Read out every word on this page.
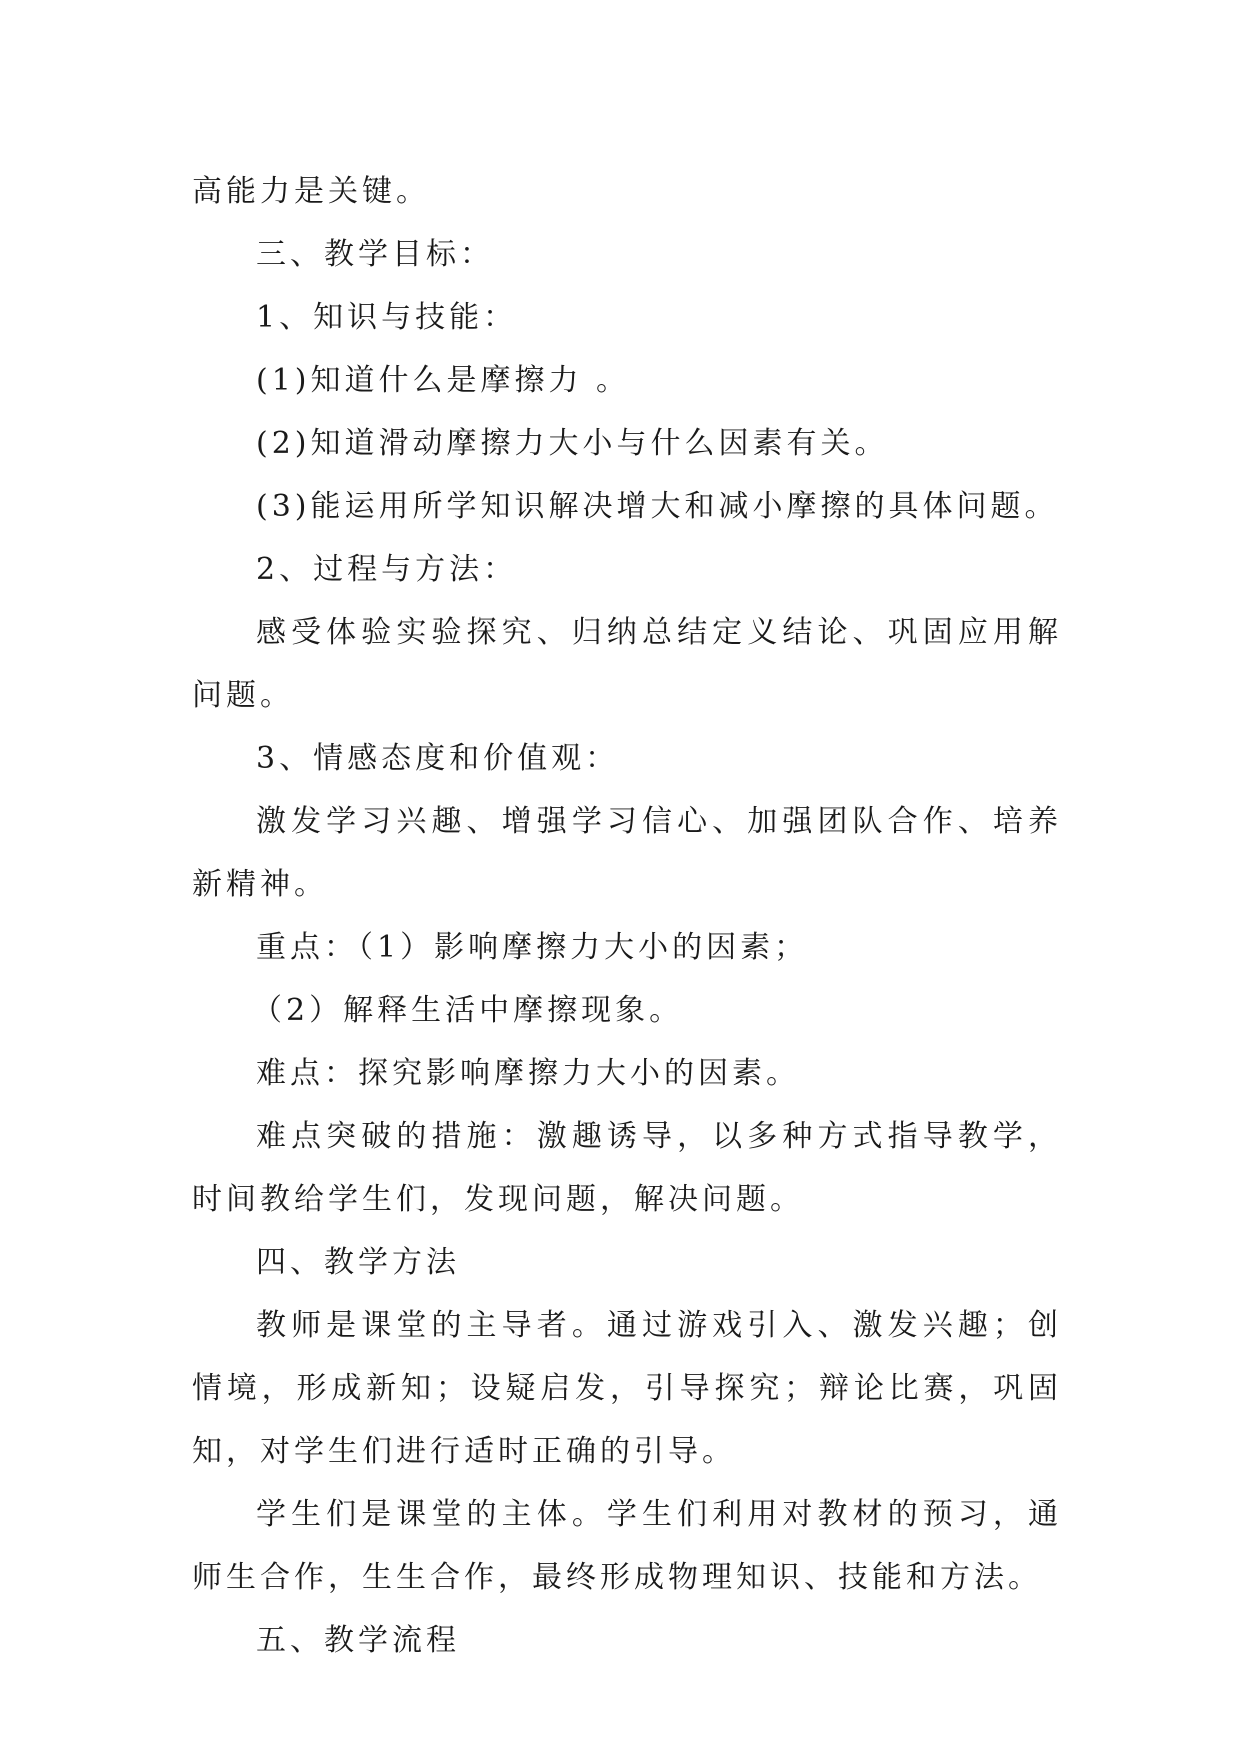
高能力是关键。
三、教学目标：
1、知识与技能：
(1)知道什么是摩擦力 。
(2)知道滑动摩擦力大小与什么因素有关。
(3)能运用所学知识解决增大和减小摩擦的具体问题。
2、过程与方法：
感受体验实验探究、归纳总结定义结论、巩固应用解
问题。
3、情感态度和价值观：
激发学习兴趣、增强学习信心、加强团队合作、培养
新精神。
重点：（1）影响摩擦力大小的因素；
（2）解释生活中摩擦现象。
难点：探究影响摩擦力大小的因素。
难点突破的措施：激趣诱导，以多种方式指导教学，
时间教给学生们，发现问题，解决问题。
四、教学方法
教师是课堂的主导者。通过游戏引入、激发兴趣；创
情境，形成新知；设疑启发，引导探究；辩论比赛，巩固
知，对学生们进行适时正确的引导。
学生们是课堂的主体。学生们利用对教材的预习，通
师生合作，生生合作，最终形成物理知识、技能和方法。
五、教学流程
